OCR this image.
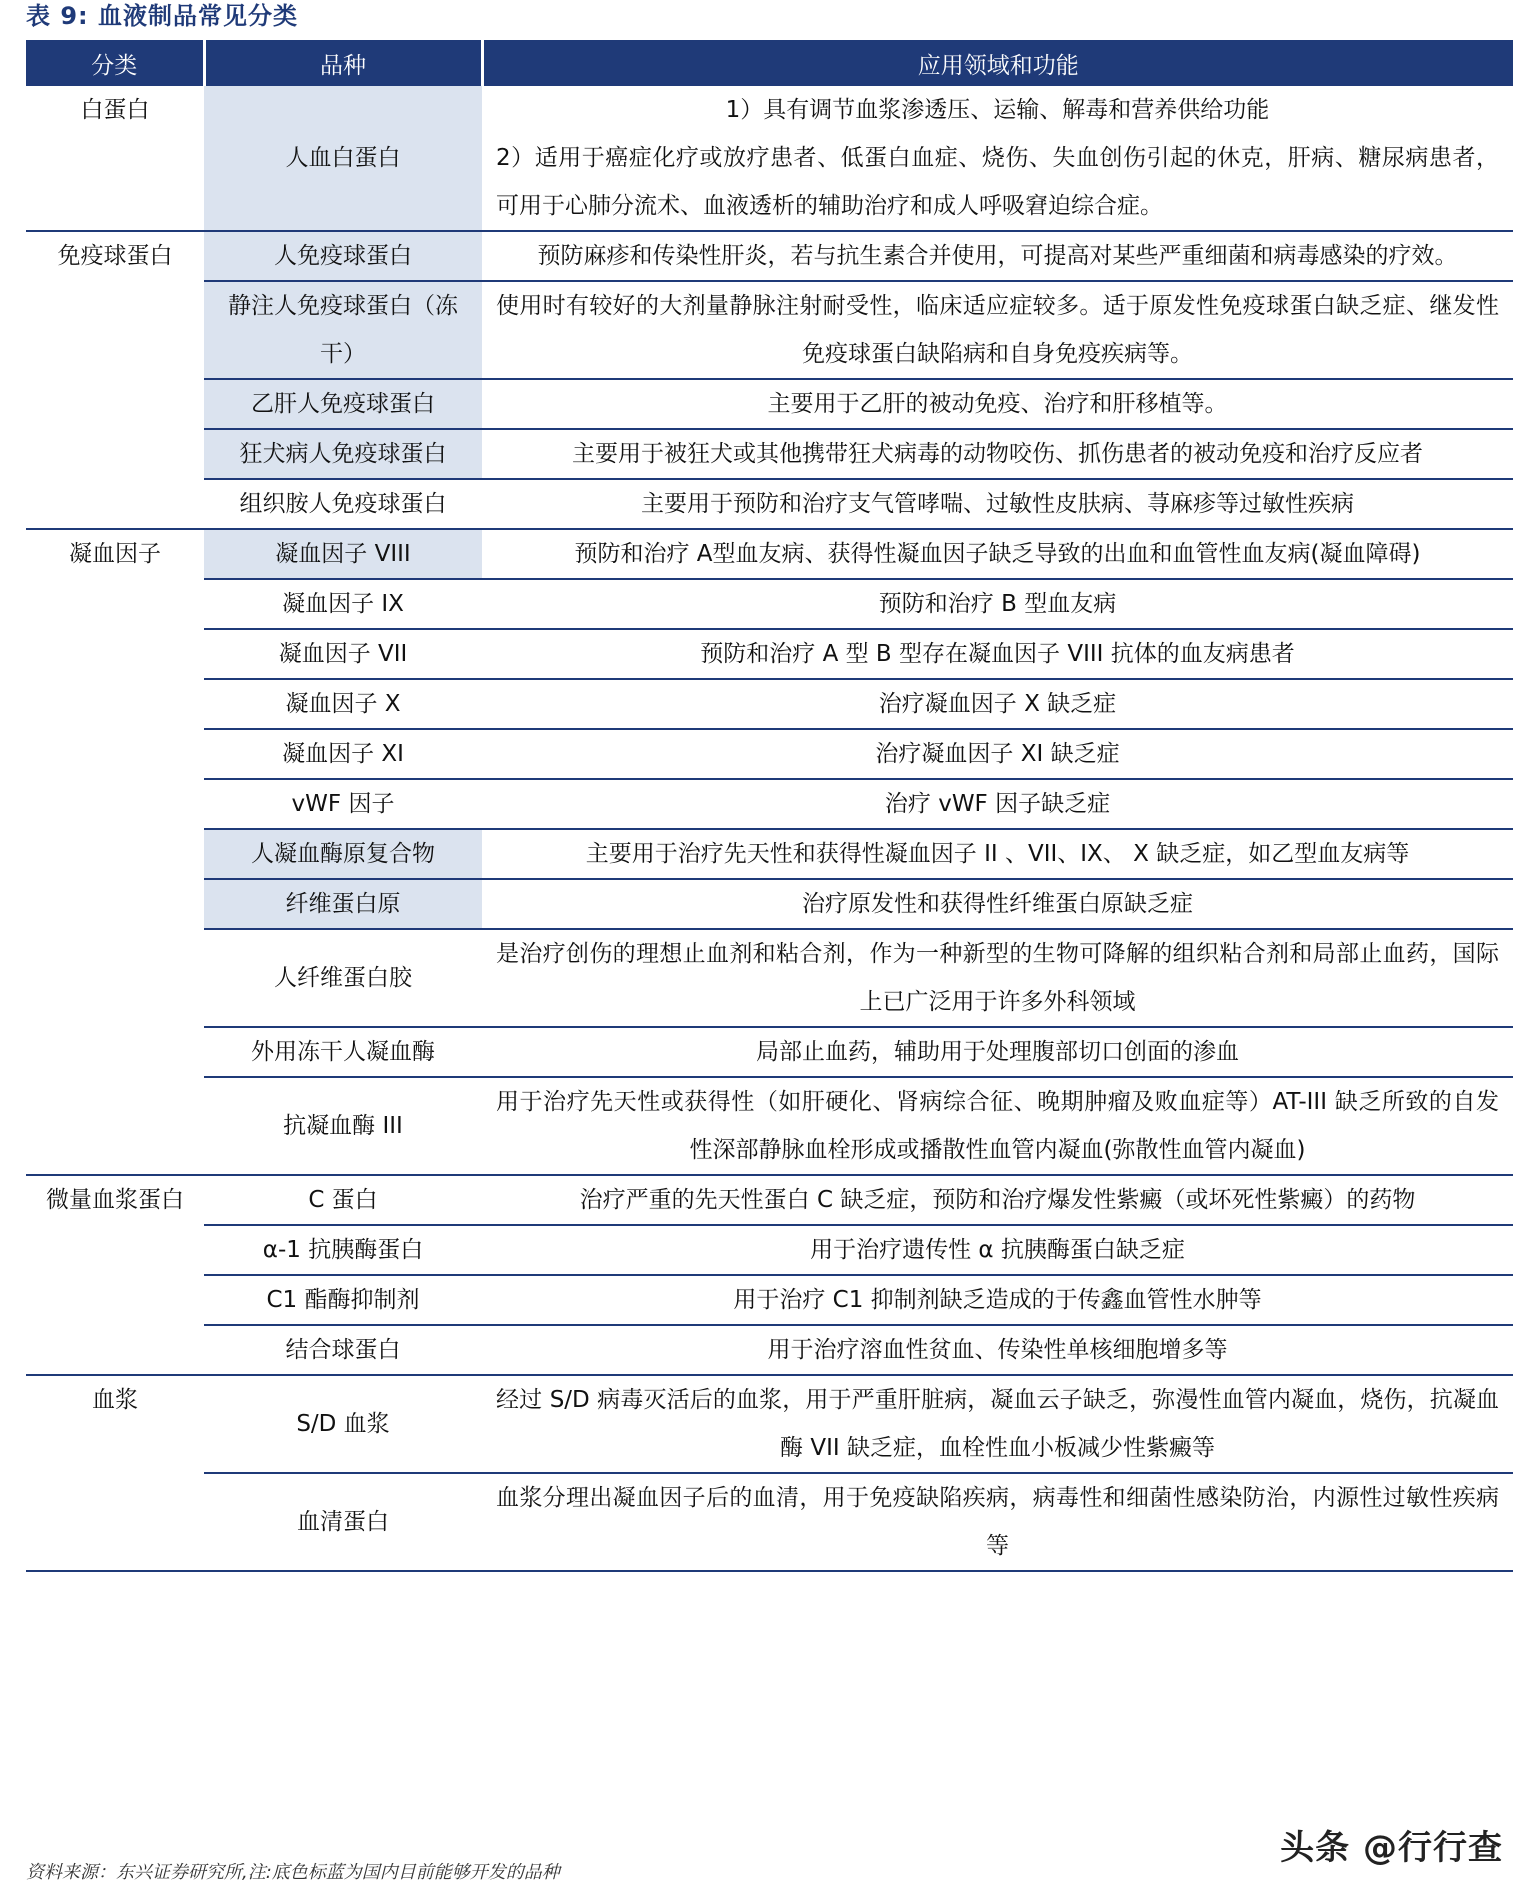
表 9: 血液制品常见分类
分类	品种	应用领域和功能
白蛋白	人血白蛋白	1）具有调节血浆渗透压、运输、解毒和营养供给功能
2）适用于癌症化疗或放疗患者、低蛋白血症、烧伤、失血创伤引起的休克，肝病、糖尿病患者，可用于心肺分流术、血液透析的辅助治疗和成人呼吸窘迫综合症。

免疫球蛋白	人免疫球蛋白	预防麻疹和传染性肝炎，若与抗生素合并使用，可提高对某些严重细菌和病毒感染的疗效。

	静注人免疫球蛋白（冻干）	使用时有较好的大剂量静脉注射耐受性，临床适应症较多。适于原发性免疫球蛋白缺乏症、继发性免疫球蛋白缺陷病和自身免疫疾病等。

	乙肝人免疫球蛋白	主要用于乙肝的被动免疫、治疗和肝移植等。

	狂犬病人免疫球蛋白	主要用于被狂犬或其他携带狂犬病毒的动物咬伤、抓伤患者的被动免疫和治疗反应者

	组织胺人免疫球蛋白	主要用于预防和治疗支气管哮喘、过敏性皮肤病、荨麻疹等过敏性疾病

凝血因子	凝血因子 VIII	预防和治疗 A型血友病、获得性凝血因子缺乏导致的出血和血管性血友病(凝血障碍)

	凝血因子 IX	预防和治疗 B 型血友病

	凝血因子 VII	预防和治疗 A 型 B 型存在凝血因子 VIII 抗体的血友病患者

	凝血因子 X	治疗凝血因子 X 缺乏症

	凝血因子 XI	治疗凝血因子 XI 缺乏症

	vWF 因子	治疗 vWF 因子缺乏症

	人凝血酶原复合物	主要用于治疗先天性和获得性凝血因子 II 、VII、IX、 X 缺乏症，如乙型血友病等

	纤维蛋白原	治疗原发性和获得性纤维蛋白原缺乏症

	人纤维蛋白胶	是治疗创伤的理想止血剂和粘合剂，作为一种新型的生物可降解的组织粘合剂和局部止血药，国际上已广泛用于许多外科领域

	外用冻干人凝血酶	局部止血药，辅助用于处理腹部切口创面的渗血

	抗凝血酶 III	用于治疗先天性或获得性（如肝硬化、肾病综合征、晚期肿瘤及败血症等）AT-III 缺乏所致的自发性深部静脉血栓形成或播散性血管内凝血(弥散性血管内凝血)

微量血浆蛋白	C 蛋白	治疗严重的先天性蛋白 C 缺乏症，预防和治疗爆发性紫癜（或坏死性紫癜）的药物

	α-1 抗胰酶蛋白	用于治疗遗传性 α 抗胰酶蛋白缺乏症

	C1 酯酶抑制剂	用于治疗 C1 抑制剂缺乏造成的于传鑫血管性水肿等

	结合球蛋白	用于治疗溶血性贫血、传染性单核细胞增多等

血浆	S/D 血浆	经过 S/D 病毒灭活后的血浆，用于严重肝脏病，凝血云子缺乏，弥漫性血管内凝血，烧伤，抗凝血酶 VII 缺乏症，血栓性血小板减少性紫癜等

	血清蛋白	血浆分理出凝血因子后的血清，用于免疫缺陷疾病，病毒性和细菌性感染防治，内源性过敏性疾病等
资料来源：东兴证券研究所,注:底色标蓝为国内目前能够开发的品种
头条 @行行查
